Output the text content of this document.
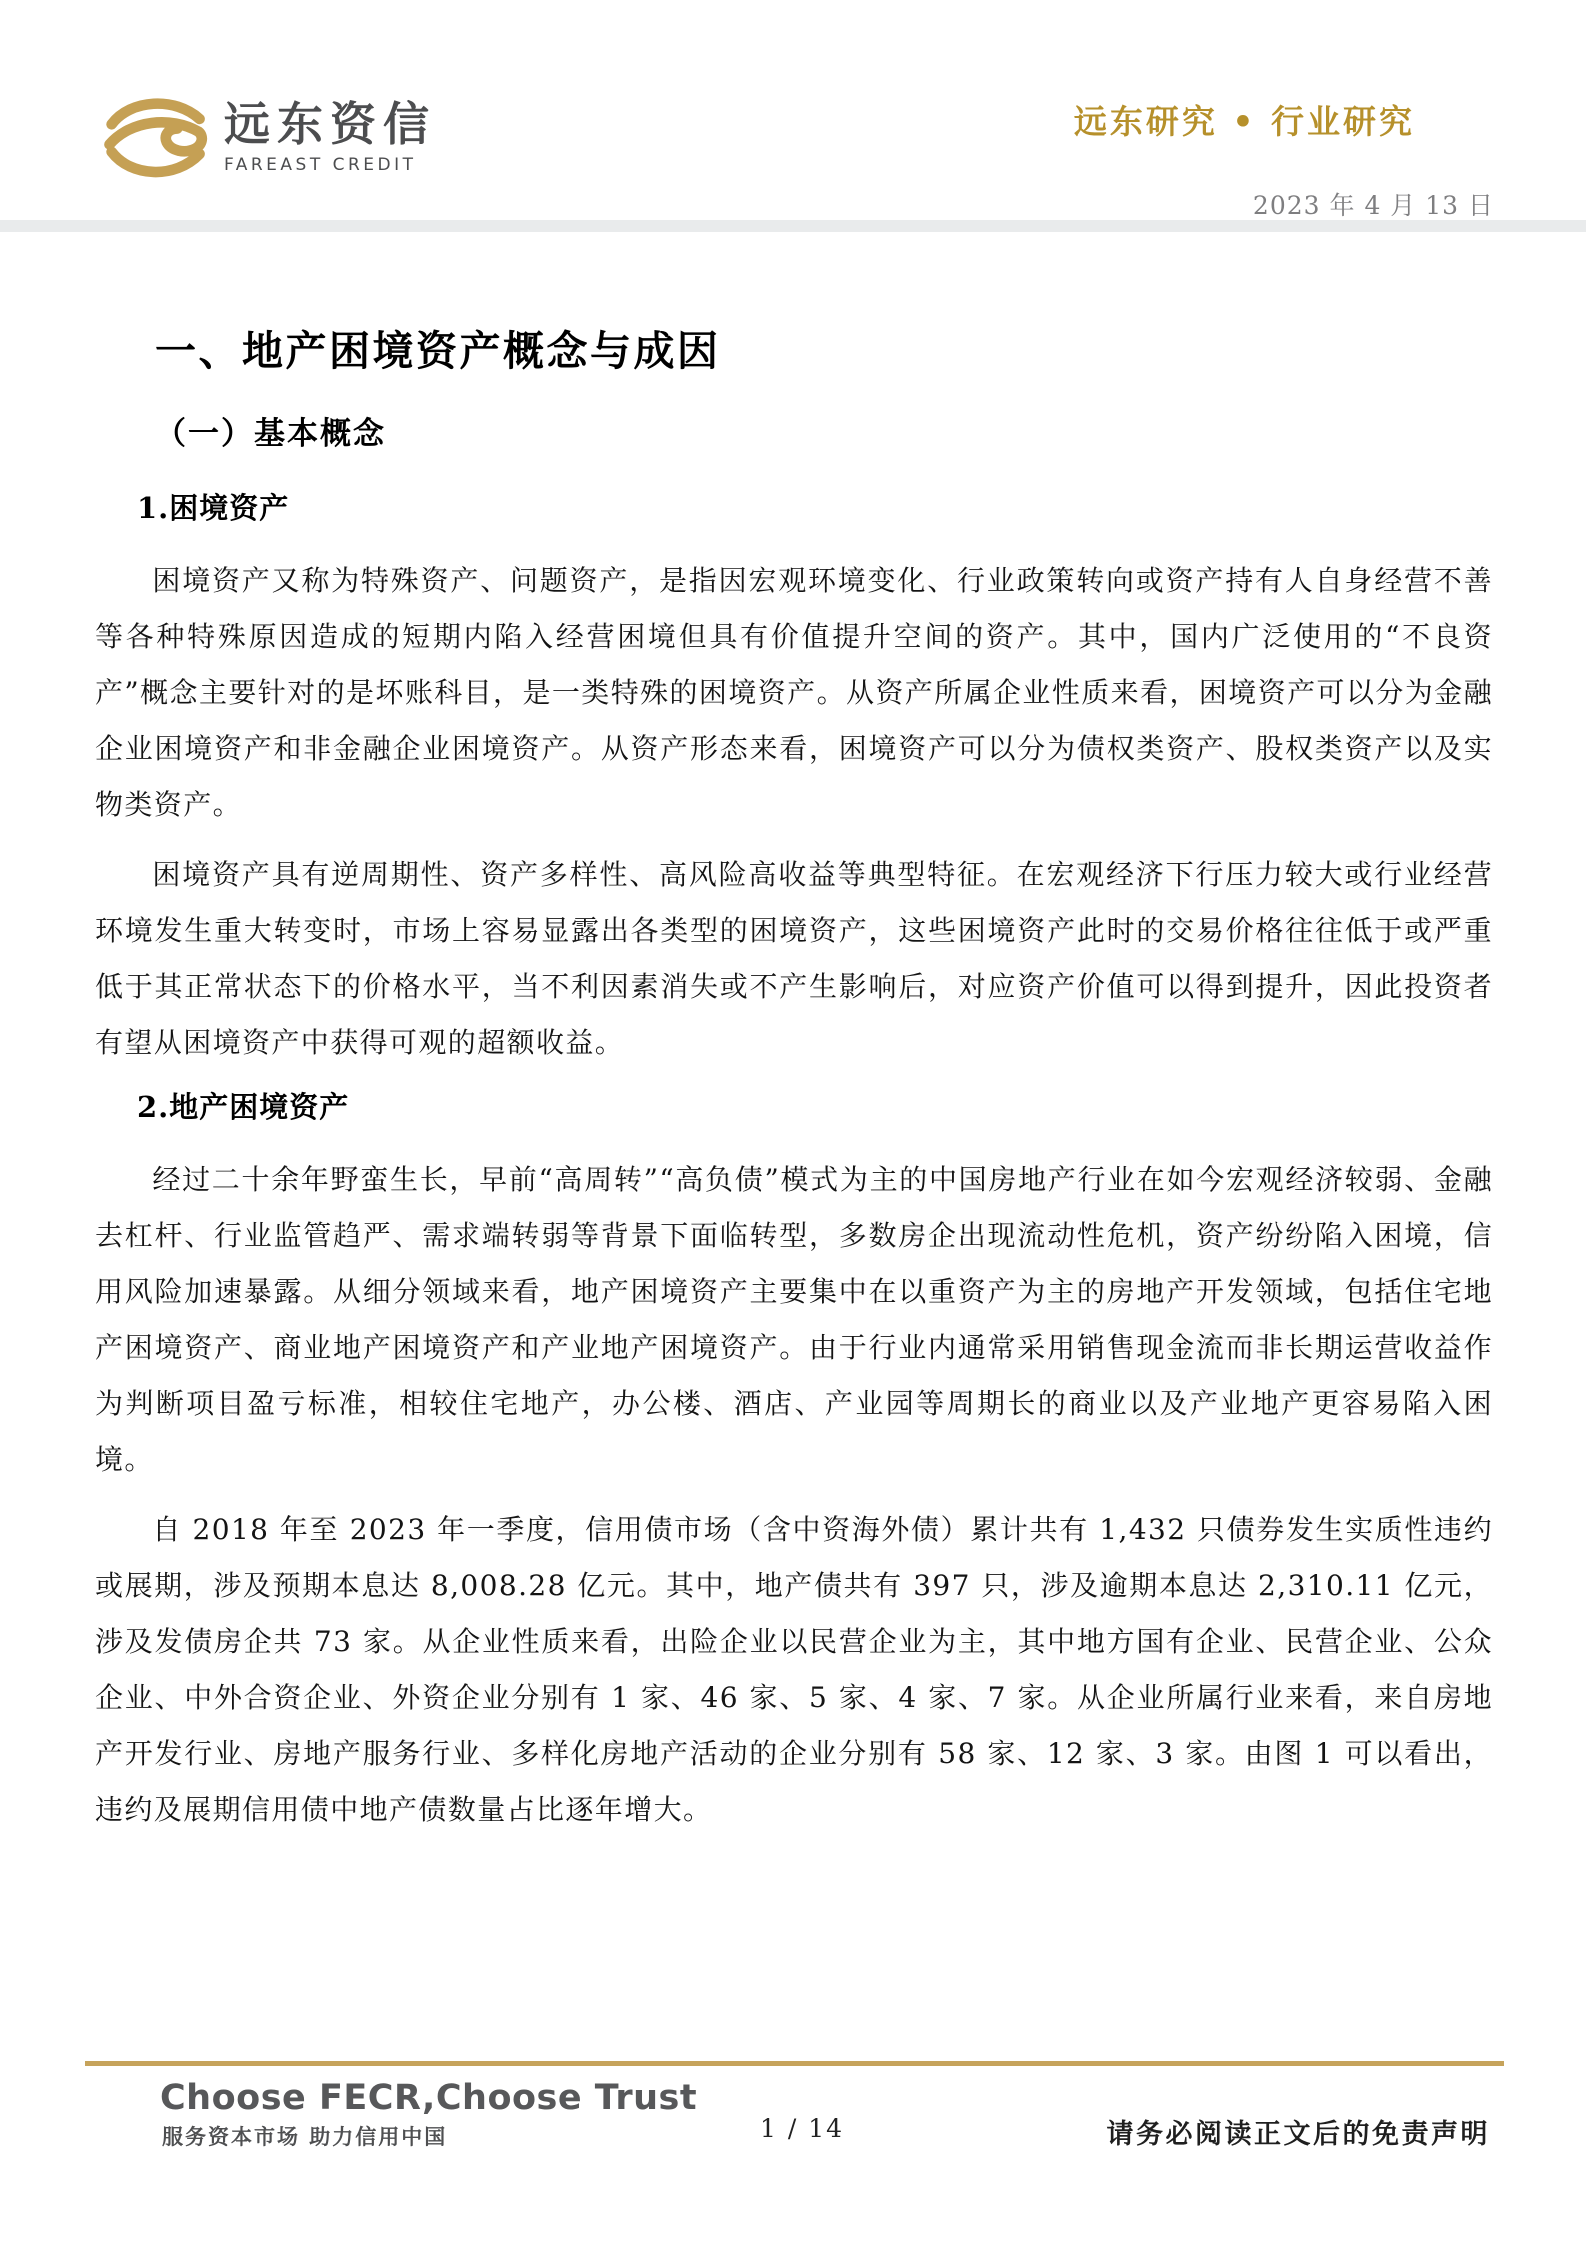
远东资信
FAREAST CREDIT
远东研究 • 行业研究
2023 年 4 月 13 日
一、地产困境资产概念与成因
（一）基本概念
1.困境资产

困境资产又称为特殊资产、问题资产，是指因宏观环境变化、行业政策转向或资产持有人自身经营不善等各种特殊原因造成的短期内陷入经营困境但具有价值提升空间的资产。其中，国内广泛使用的“不良资产”概念主要针对的是坏账科目，是一类特殊的困境资产。从资产所属企业性质来看，困境资产可以分为金融企业困境资产和非金融企业困境资产。从资产形态来看，困境资产可以分为债权类资产、股权类资产以及实物类资产。

困境资产具有逆周期性、资产多样性、高风险高收益等典型特征。在宏观经济下行压力较大或行业经营环境发生重大转变时，市场上容易显露出各类型的困境资产，这些困境资产此时的交易价格往往低于或严重低于其正常状态下的价格水平，当不利因素消失或不产生影响后，对应资产价值可以得到提升，因此投资者有望从困境资产中获得可观的超额收益。

2.地产困境资产

经过二十余年野蛮生长，早前“高周转”“高负债”模式为主的中国房地产行业在如今宏观经济较弱、金融去杠杆、行业监管趋严、需求端转弱等背景下面临转型，多数房企出现流动性危机，资产纷纷陷入困境，信用风险加速暴露。从细分领域来看，地产困境资产主要集中在以重资产为主的房地产开发领域，包括住宅地产困境资产、商业地产困境资产和产业地产困境资产。由于行业内通常采用销售现金流而非长期运营收益作为判断项目盈亏标准，相较住宅地产，办公楼、酒店、产业园等周期长的商业以及产业地产更容易陷入困境。

自 2018 年至 2023 年一季度，信用债市场（含中资海外债）累计共有 1,432 只债券发生实质性违约或展期，涉及预期本息达 8,008.28 亿元。其中，地产债共有 397 只，涉及逾期本息达 2,310.11 亿元，涉及发债房企共 73 家。从企业性质来看，出险企业以民营企业为主，其中地方国有企业、民营企业、公众企业、中外合资企业、外资企业分别有 1 家、46 家、5 家、4 家、7 家。从企业所属行业来看，来自房地产开发行业、房地产服务行业、多样化房地产活动的企业分别有 58 家、12 家、3 家。由图 1 可以看出，违约及展期信用债中地产债数量占比逐年增大。

Choose FECR,Choose Trust
服务资本市场 助力信用中国	1 / 14	请务必阅读正文后的免责声明
